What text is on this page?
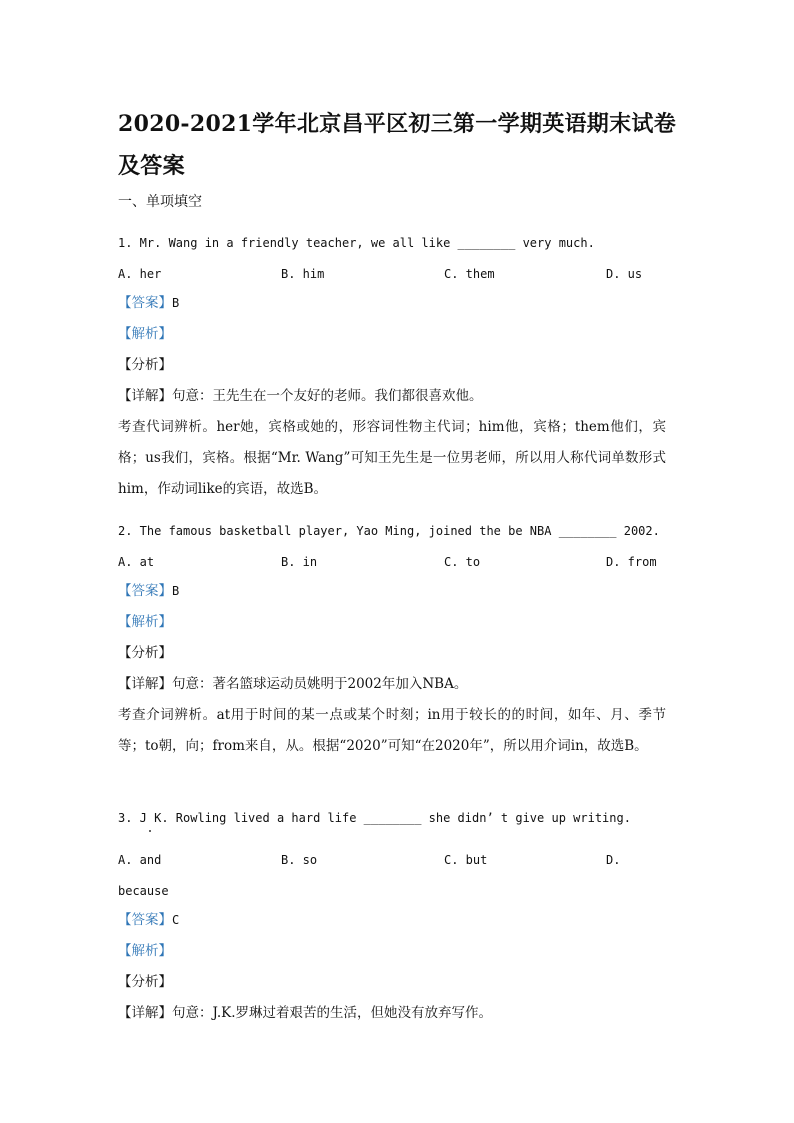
2020-2021学年北京昌平区初三第一学期英语期末试卷及答案
一、单项填空
1. Mr. Wang in a friendly teacher, we all like ________ very much.
A. her	B. him	C. them	D. us
【答案】B
【解析】
【分析】
【详解】句意：王先生在一个友好的老师。我们都很喜欢他。
考查代词辨析。her她，宾格或她的，形容词性物主代词；him他，宾格；them他们，宾格；us我们，宾格。根据“Mr. Wang”可知王先生是一位男老师，所以用人称代词单数形式him，作动词like的宾语，故选B。
2. The famous basketball player, Yao Ming, joined the be NBA ________ 2002.
A. at	B. in	C. to	D. from
【答案】B
【解析】
【分析】
【详解】句意：著名篮球运动员姚明于2002年加入NBA。
考查介词辨析。at用于时间的某一点或某个时刻；in用于较长的的时间，如年、月、季节等；to朝，向；from来自，从。根据“2020”可知“在2020年”，所以用介词in，故选B。
3. J K. Rowling lived a hard life ________ she didn’ t give up writing.
A. and	B. so	C. but	D.
because
【答案】C
【解析】
【分析】
【详解】句意：J.K.罗琳过着艰苦的生活，但她没有放弃写作。
